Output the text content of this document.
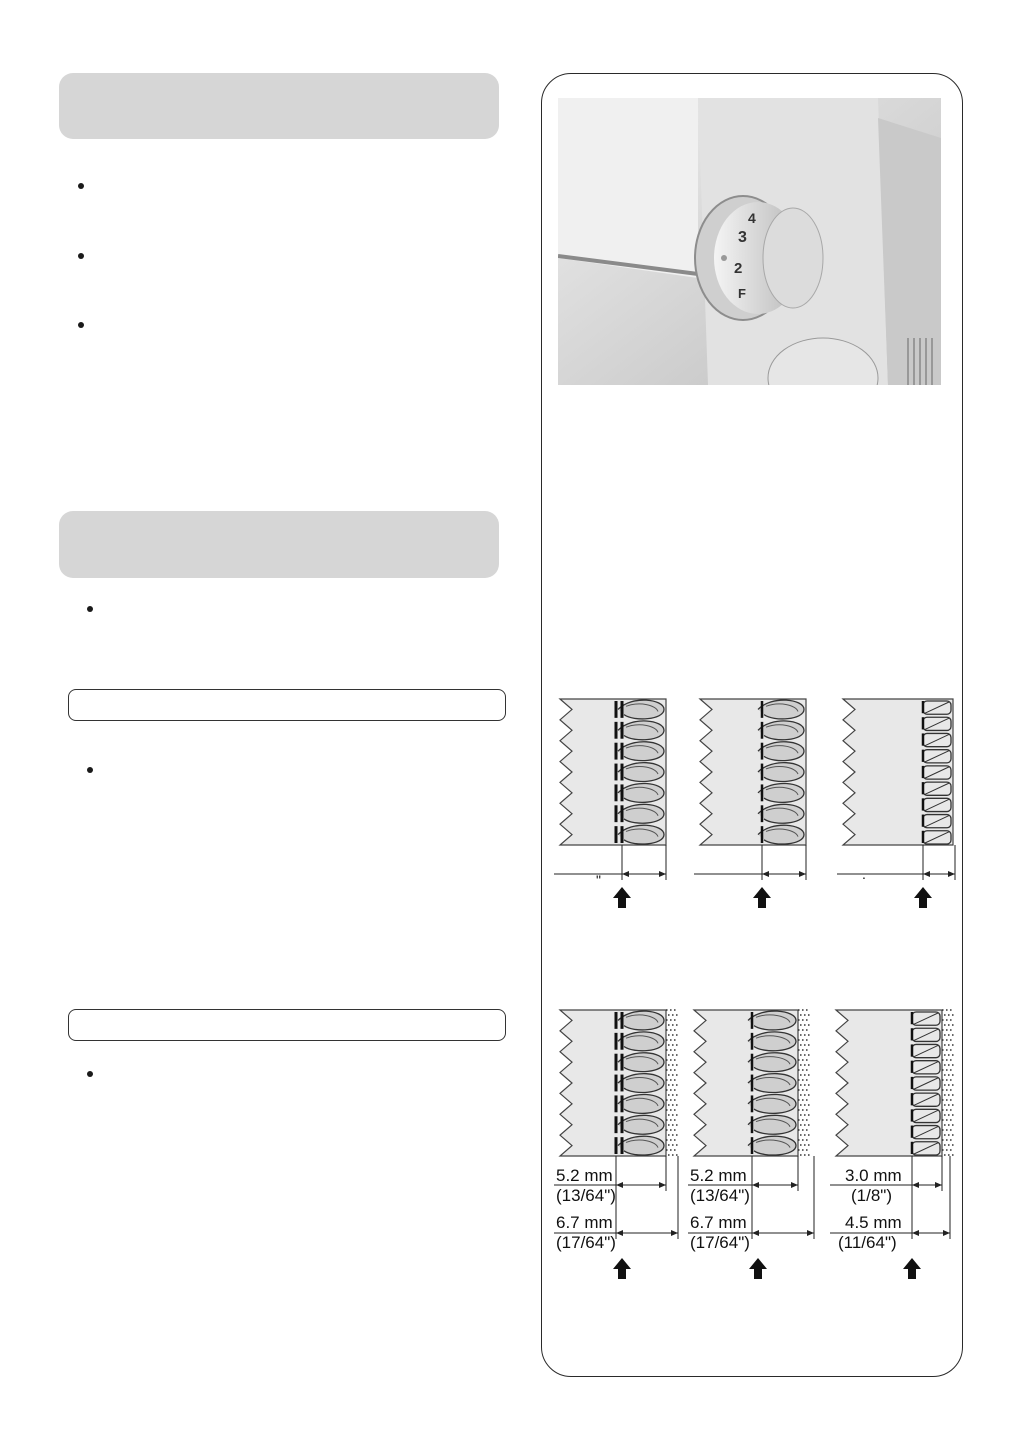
4
3
2
F
"	.
5.2 mm
(13/64")
6.7 mm
(17/64")
5.2 mm
(13/64")
6.7 mm
(17/64")
3.0 mm
(1/8")
4.5 mm
(11/64")
